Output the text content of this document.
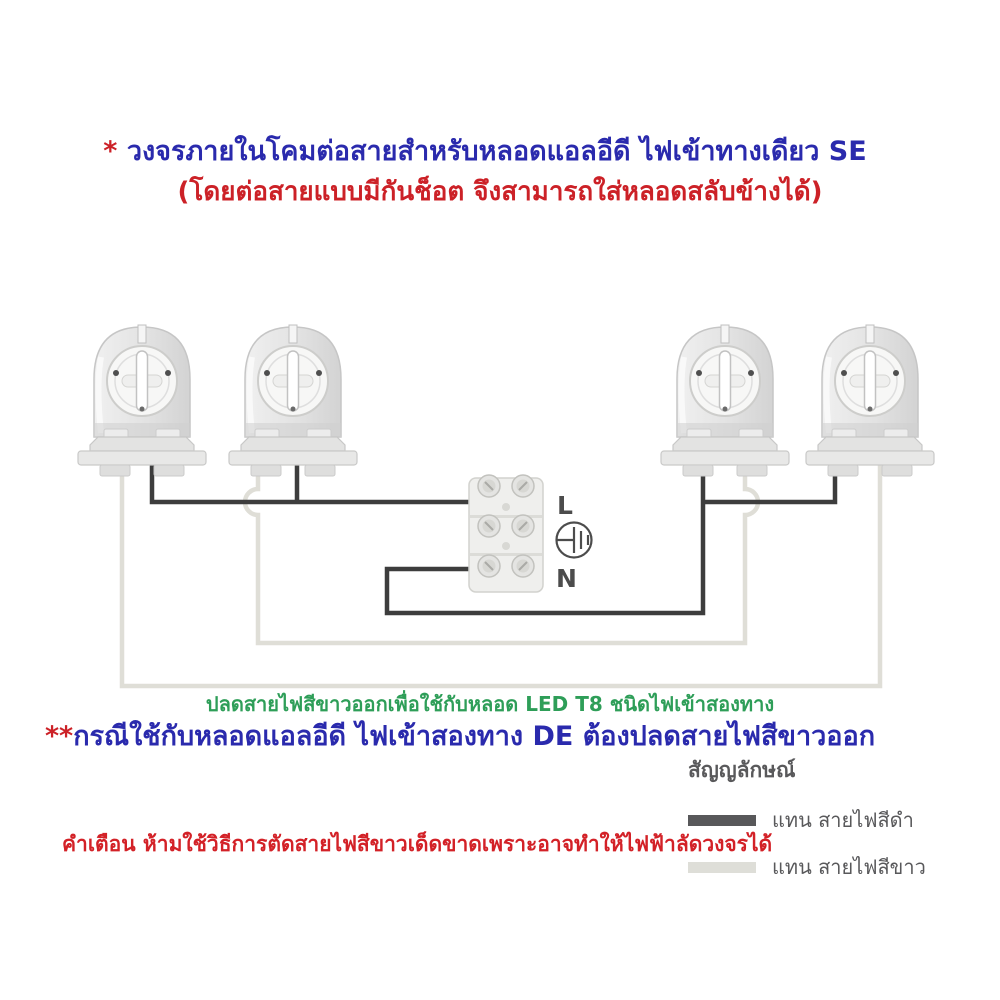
* วงจรภายในโคมต่อสายสำหรับหลอดแอลอีดี ไฟเข้าทางเดียว SE
(โดยต่อสายแบบมีกันช็อต จึงสามารถใส่หลอดสลับข้างได้)
L
N
ปลดสายไฟสีขาวออกเพื่อใช้กับหลอด LED T8 ชนิดไฟเข้าสองทาง
**กรณีใช้กับหลอดแอลอีดี ไฟเข้าสองทาง DE ต้องปลดสายไฟสีขาวออก
สัญญลักษณ์
แทน สายไฟสีดำ
แทน สายไฟสีขาว
คำเตือน ห้ามใช้วิธีการตัดสายไฟสีขาวเด็ดขาดเพราะอาจทำให้ไฟฟ้าลัดวงจรได้
